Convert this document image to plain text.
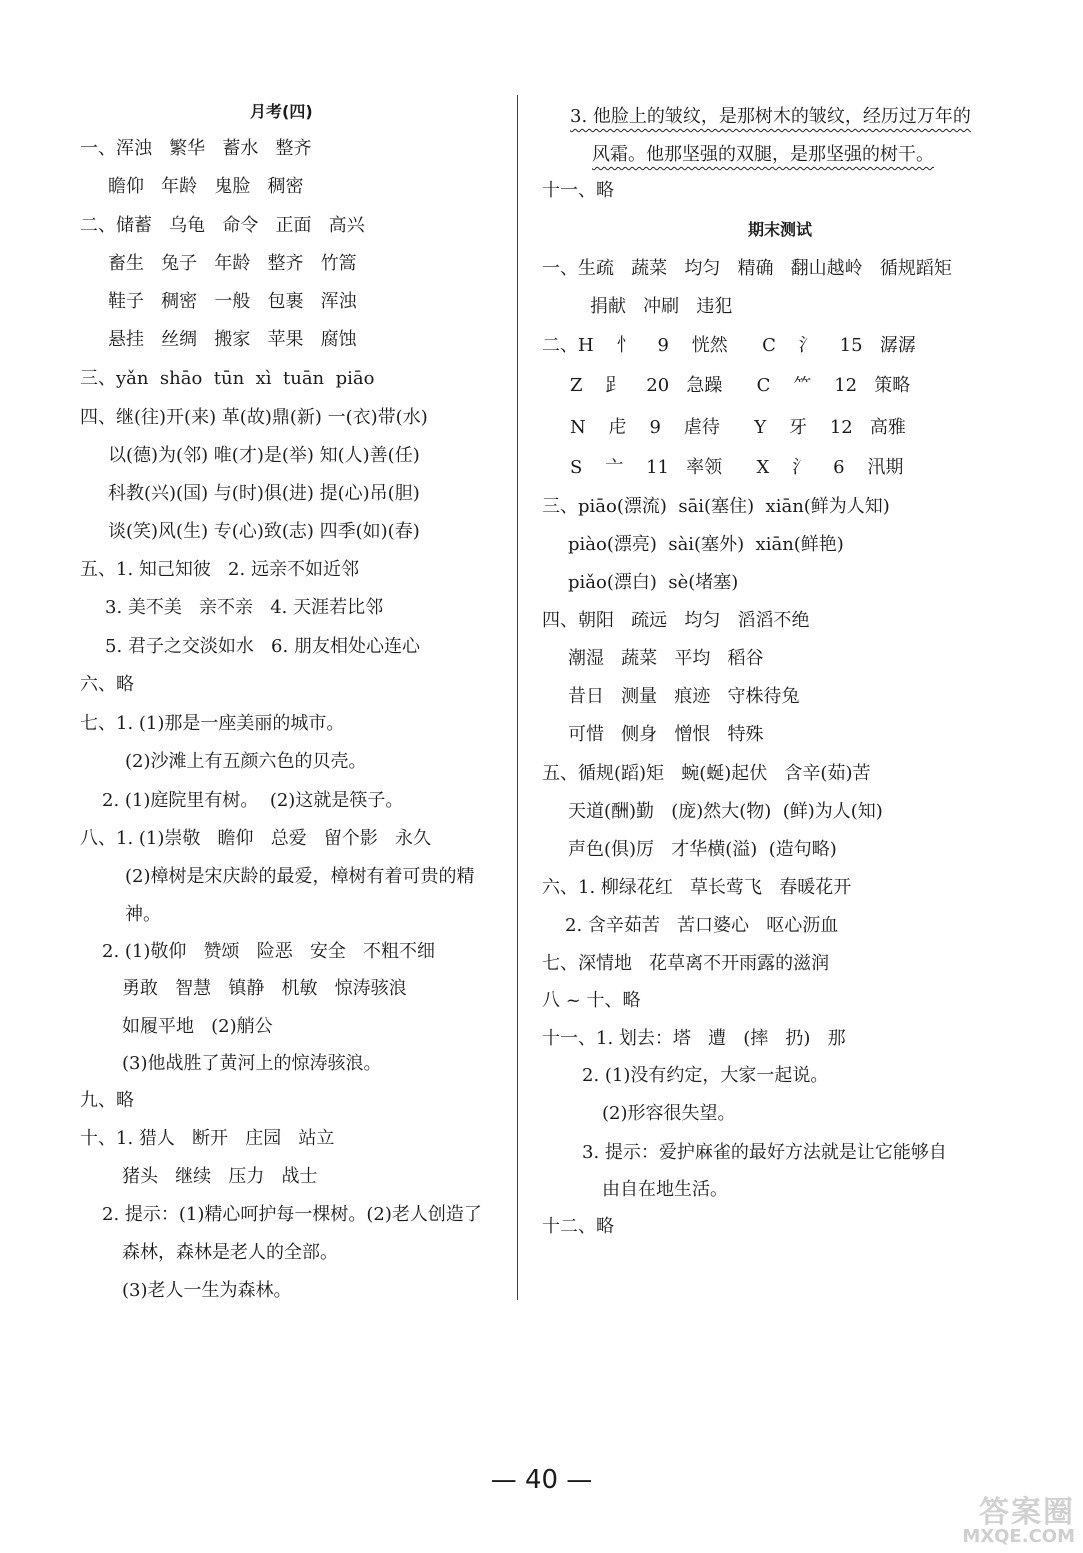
月考(四)
一、浑浊   繁华   蓄水   整齐
瞻仰   年龄   鬼脸   稠密
二、储蓄   乌龟   命令   正面   高兴
畜生   兔子   年龄   整齐   竹篙
鞋子   稠密   一般   包裹   浑浊
悬挂   丝绸   搬家   苹果   腐蚀
三、yǎn  shāo  tūn  xì  tuān  piāo
四、继(往)开(来) 革(故)鼎(新) 一(衣)带(水)
以(德)为(邻) 唯(才)是(举) 知(人)善(任)
科教(兴)(国) 与(时)俱(进) 提(心)吊(胆)
谈(笑)风(生) 专(心)致(志) 四季(如)(春)
五、1. 知己知彼   2. 远亲不如近邻
3. 美不美   亲不亲   4. 天涯若比邻
5. 君子之交淡如水   6. 朋友相处心连心
六、略
七、1. (1)那是一座美丽的城市。
(2)沙滩上有五颜六色的贝壳。
2. (1)庭院里有树。  (2)这就是筷子。
八、1. (1)崇敬   瞻仰   总爱   留个影   永久
(2)樟树是宋庆龄的最爱，樟树有着可贵的精
神。
2. (1)敬仰   赞颂   险恶   安全   不粗不细
勇敢   智慧   镇静   机敏   惊涛骇浪
如履平地   (2)艄公
(3)他战胜了黄河上的惊涛骇浪。
九、略
十、1. 猎人   断开   庄园   站立
猪头   继续   压力   战士
2. 提示：(1)精心呵护每一棵树。(2)老人创造了
森林，森林是老人的全部。
(3)老人一生为森林。
3. 他脸上的皱纹，是那树木的皱纹，经历过万年的
风霜。他那坚强的双腿，是那坚强的树干。
十一、略
期末测试
一、生疏   蔬菜   均匀   精确   翻山越岭   循规蹈矩
捐献   冲刷   违犯
二、H    忄    9    恍然      C    氵    15   潺潺
Z    𧾷    20   急躁      C    ⺮    12   策略
N    虍    9    虐待      Y    牙    12   高雅
S    亠    11   率领      X    氵    6    汛期
三、piāo(漂流)  sāi(塞住)  xiān(鲜为人知)
piào(漂亮)  sài(塞外)  xiān(鲜艳)
piǎo(漂白)  sè(堵塞)
四、朝阳   疏远   均匀   滔滔不绝
潮湿   蔬菜   平均   稻谷
昔日   测量   痕迹   守株待兔
可惜   侧身   憎恨   特殊
五、循规(蹈)矩   蜿(蜒)起伏   含辛(茹)苦
天道(酬)勤   (庞)然大(物)  (鲜)为人(知)
声色(俱)厉   才华横(溢)  (造句略)
六、1. 柳绿花红   草长莺飞   春暖花开
2. 含辛茹苦   苦口婆心   呕心沥血
七、深情地   花草离不开雨露的滋润
八 ~ 十、略
十一、1. 划去：塔   遭   (摔   扔)   那
2. (1)没有约定，大家一起说。
(2)形容很失望。
3. 提示：爱护麻雀的最好方法就是让它能够自
由自在地生活。
十二、略
— 40 —
答案圈
MXQE.COM
